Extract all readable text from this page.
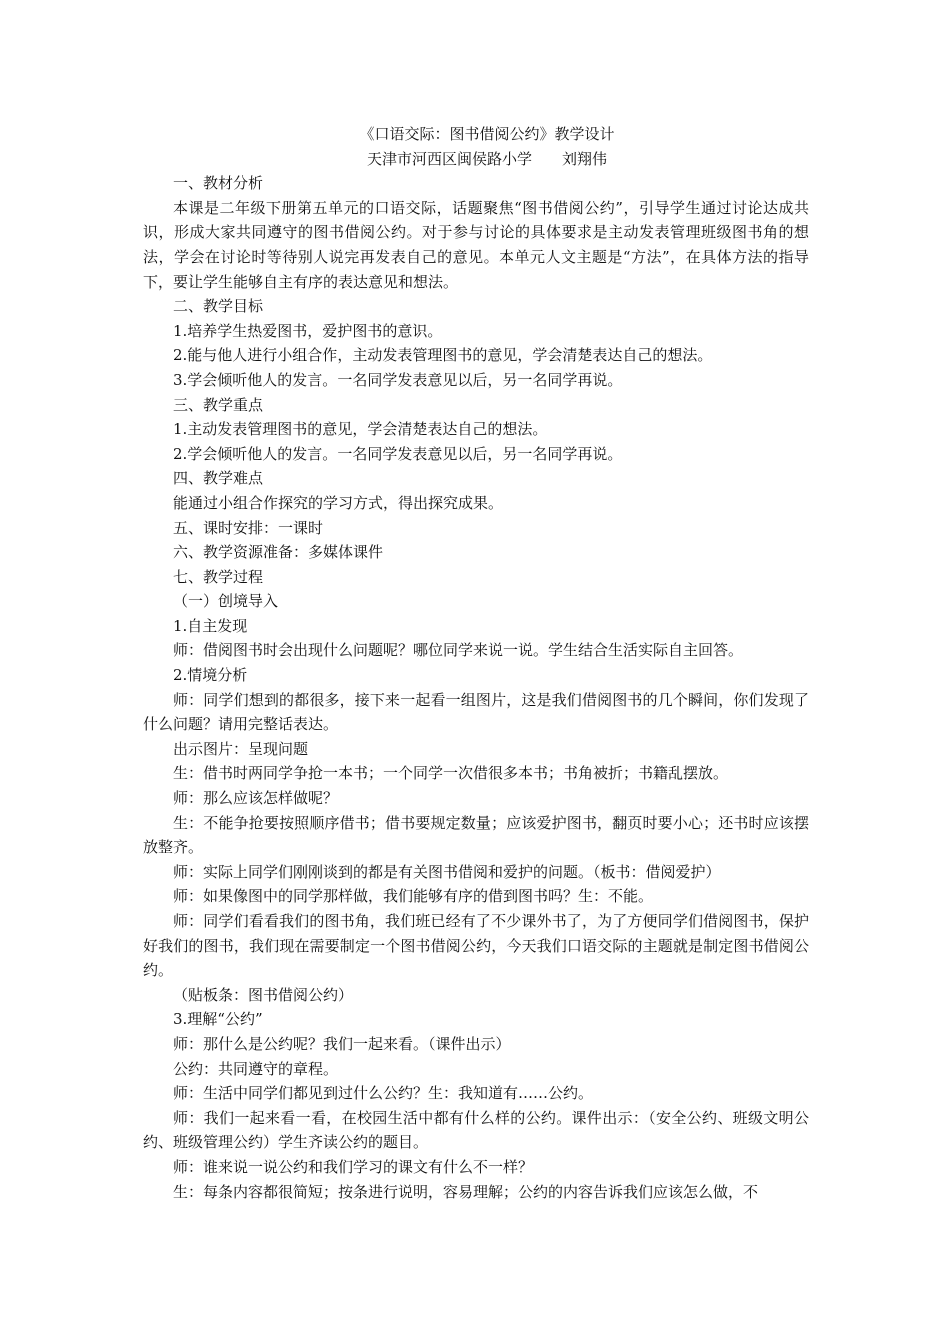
《口语交际：图书借阅公约》教学设计

天津市河西区闽侯路小学　　刘翔伟

一、教材分析

本课是二年级下册第五单元的口语交际，话题聚焦“图书借阅公约”，引导学生通过讨论达成共识，形成大家共同遵守的图书借阅公约。对于参与讨论的具体要求是主动发表管理班级图书角的想法，学会在讨论时等待别人说完再发表自己的意见。本单元人文主题是“方法”，在具体方法的指导下，要让学生能够自主有序的表达意见和想法。

二、教学目标

1.培养学生热爱图书，爱护图书的意识。

2.能与他人进行小组合作，主动发表管理图书的意见，学会清楚表达自己的想法。

3.学会倾听他人的发言。一名同学发表意见以后，另一名同学再说。

三、教学重点

1.主动发表管理图书的意见，学会清楚表达自己的想法。

2.学会倾听他人的发言。一名同学发表意见以后，另一名同学再说。

四、教学难点

能通过小组合作探究的学习方式，得出探究成果。

五、课时安排：一课时

六、教学资源准备：多媒体课件

七、教学过程

（一）创境导入

1.自主发现

师：借阅图书时会出现什么问题呢？哪位同学来说一说。学生结合生活实际自主回答。

2.情境分析

师：同学们想到的都很多，接下来一起看一组图片，这是我们借阅图书的几个瞬间，你们发现了什么问题？请用完整话表达。

出示图片：呈现问题

生：借书时两同学争抢一本书；一个同学一次借很多本书；书角被折；书籍乱摆放。

师：那么应该怎样做呢？

生：不能争抢要按照顺序借书；借书要规定数量；应该爱护图书，翻页时要小心；还书时应该摆放整齐。

师：实际上同学们刚刚谈到的都是有关图书借阅和爱护的问题。（板书：借阅爱护）

师：如果像图中的同学那样做，我们能够有序的借到图书吗？生：不能。

师：同学们看看我们的图书角，我们班已经有了不少课外书了，为了方便同学们借阅图书，保护好我们的图书，我们现在需要制定一个图书借阅公约，今天我们口语交际的主题就是制定图书借阅公约。

（贴板条：图书借阅公约）

3.理解“公约”

师：那什么是公约呢？我们一起来看。（课件出示）

公约：共同遵守的章程。

师：生活中同学们都见到过什么公约？生：我知道有……公约。

师：我们一起来看一看，在校园生活中都有什么样的公约。课件出示：（安全公约、班级文明公约、班级管理公约）学生齐读公约的题目。

师：谁来说一说公约和我们学习的课文有什么不一样？

生：每条内容都很简短；按条进行说明，容易理解；公约的内容告诉我们应该怎么做，不
